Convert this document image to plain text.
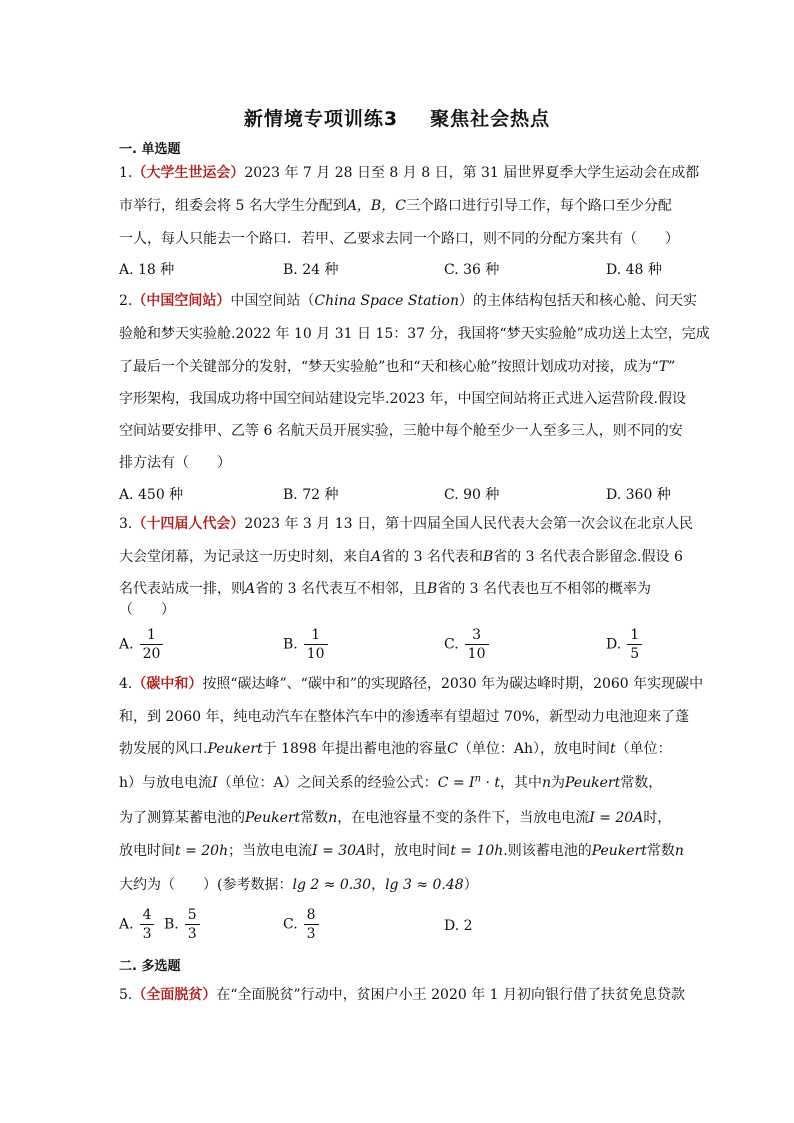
新情境专项训练3 聚焦社会热点
一. 单选题
1.（大学生世运会）2023 年 7 月 28 日至 8 月 8 日，第 31 届世界夏季大学生运动会在成都
市举行，组委会将 5 名大学生分配到A，B，C三个路口进行引导工作，每个路口至少分配
一人，每人只能去一个路口．若甲、乙要求去同一个路口，则不同的分配方案共有（　　）
A. 18 种	B. 24 种	C. 36 种	D. 48 种
2.（中国空间站）中国空间站（China Space Station）的主体结构包括天和核心舱、问天实
验舱和梦天实验舱.2022 年 10 月 31 日 15：37 分，我国将“梦天实验舱”成功送上太空，完成
了最后一个关键部分的发射，“梦天实验舱”也和“天和核心舱”按照计划成功对接，成为“T”
字形架构，我国成功将中国空间站建设完毕.2023 年，中国空间站将正式进入运营阶段.假设
空间站要安排甲、乙等 6 名航天员开展实验，三舱中每个舱至少一人至多三人，则不同的安
排方法有（　　）
A. 450 种	B. 72 种	C. 90 种	D. 360 种
3.（十四届人代会）2023 年 3 月 13 日，第十四届全国人民代表大会第一次会议在北京人民
大会堂闭幕，为记录这一历史时刻，来自A省的 3 名代表和B省的 3 名代表合影留念.假设 6
名代表站成一排，则A省的 3 名代表互不相邻，且B省的 3 名代表也互不相邻的概率为
（　　）
A. $\frac{1}{20}$	B. $\frac{1}{10}$	C. $\frac{3}{10}$	D. $\frac{1}{5}$
4.（碳中和）按照“碳达峰”、“碳中和”的实现路径，2030 年为碳达峰时期，2060 年实现碳中
和，到 2060 年，纯电动汽车在整体汽车中的渗透率有望超过 70%，新型动力电池迎来了蓬
勃发展的风口.Peukert于 1898 年提出蓄电池的容量C（单位：Ah），放电时间t（单位：
h）与放电电流I（单位：A）之间关系的经验公式：$C = I^n \cdot t$，其中n为Peukert常数，
为了测算某蓄电池的Peukert常数n，在电池容量不变的条件下，当放电电流I = 20A时，
放电时间t = 20h；当放电电流I = 30A时，放电时间t = 10h.则该蓄电池的Peukert常数n
大约为（　　）(参考数据：lg 2 ≈ 0.30，lg 3 ≈ 0.48）
A. $\frac{4}{3} B$. $\frac{5}{3}$	C. $\frac{8}{3}$	D. 2
二. 多选题
5.（全面脱贫）在“全面脱贫”行动中，贫困户小王 2020 年 1 月初向银行借了扶贫免息贷款
